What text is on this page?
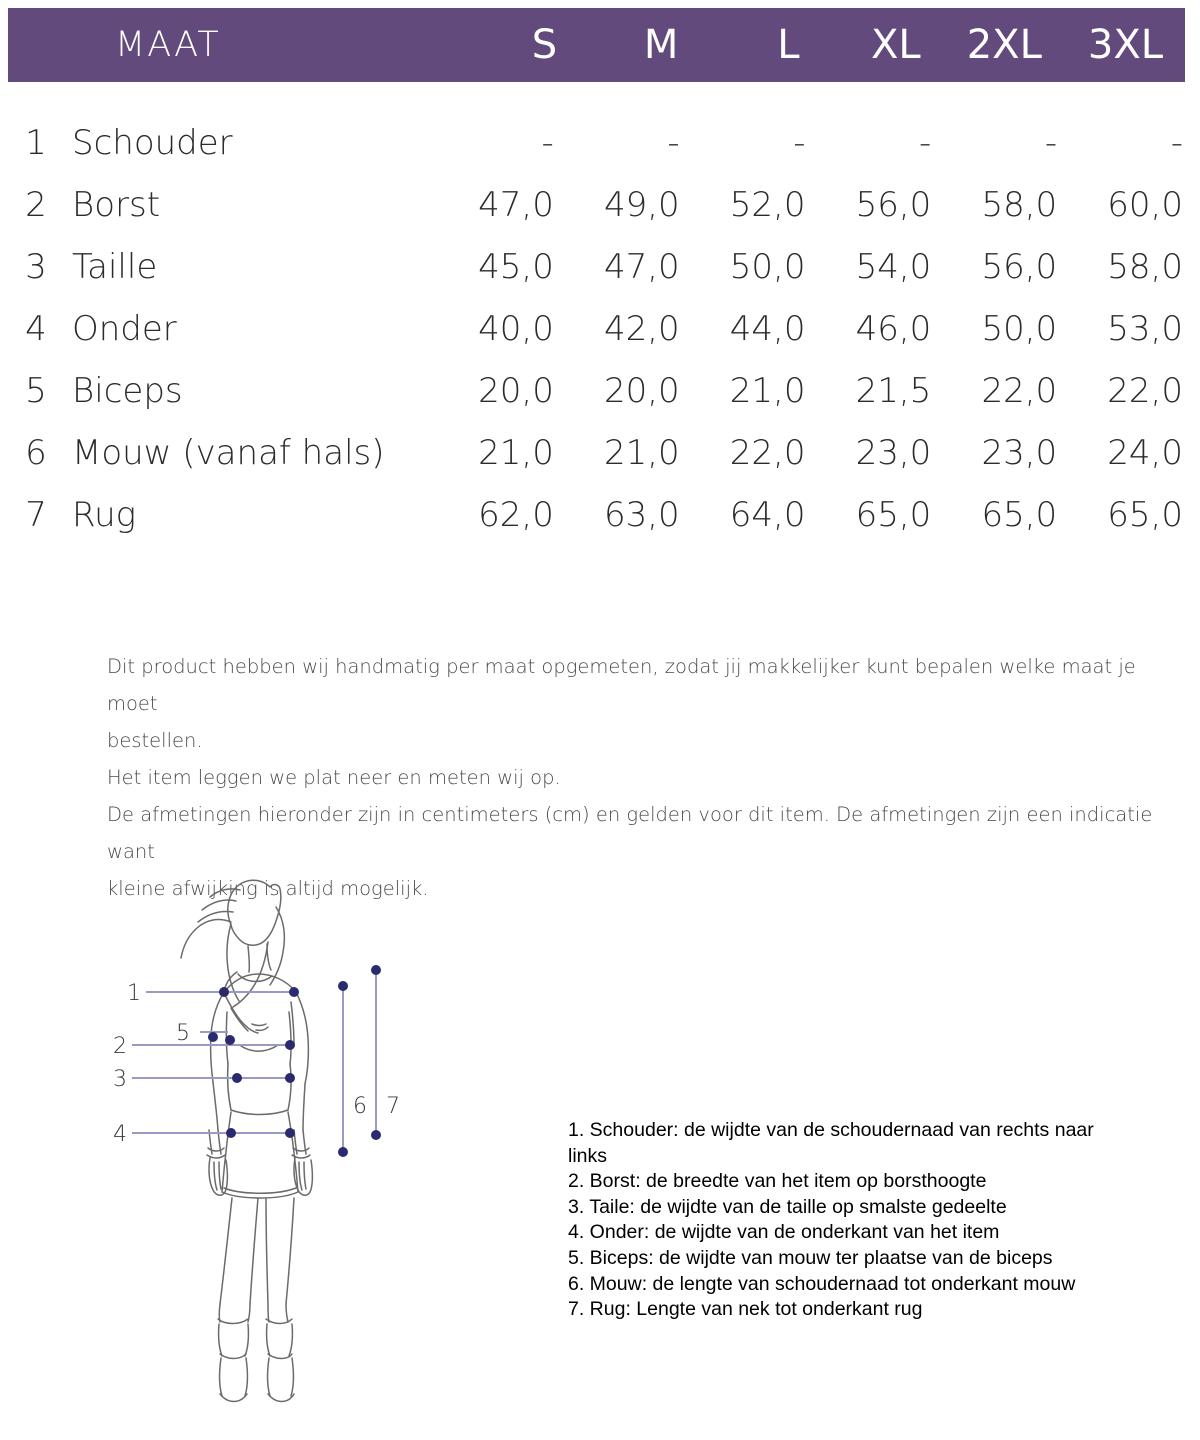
MAAT	S	M	L	XL	2XL	3XL
1 Schouder	-	-	-	-	-	-
2 Borst	47,0	49,0	52,0	56,0	58,0	60,0
3 Taille	45,0	47,0	50,0	54,0	56,0	58,0
4 Onder	40,0	42,0	44,0	46,0	50,0	53,0
5 Biceps	20,0	20,0	21,0	21,5	22,0	22,0
6 Mouw (vanaf hals)	21,0	21,0	22,0	23,0	23,0	24,0
7 Rug	62,0	63,0	64,0	65,0	65,0	65,0
Dit product hebben wij handmatig per maat opgemeten, zodat jij makkelijker kunt bepalen welke maat je moet
bestellen.
Het item leggen we plat neer en meten wij op.
De afmetingen hieronder zijn in centimeters (cm) en gelden voor dit item. De afmetingen zijn een indicatie want
kleine afwijking is altijd mogelijk.
1
2
3
4
5
6 7
1. Schouder: de wijdte van de schoudernaad van rechts naar
links
2. Borst: de breedte van het item op borsthoogte
3. Taile: de wijdte van de taille op smalste gedeelte
4. Onder: de wijdte van de onderkant van het item
5. Biceps: de wijdte van mouw ter plaatse van de biceps
6. Mouw: de lengte van schoudernaad tot onderkant mouw
7. Rug: Lengte van nek tot onderkant rug
